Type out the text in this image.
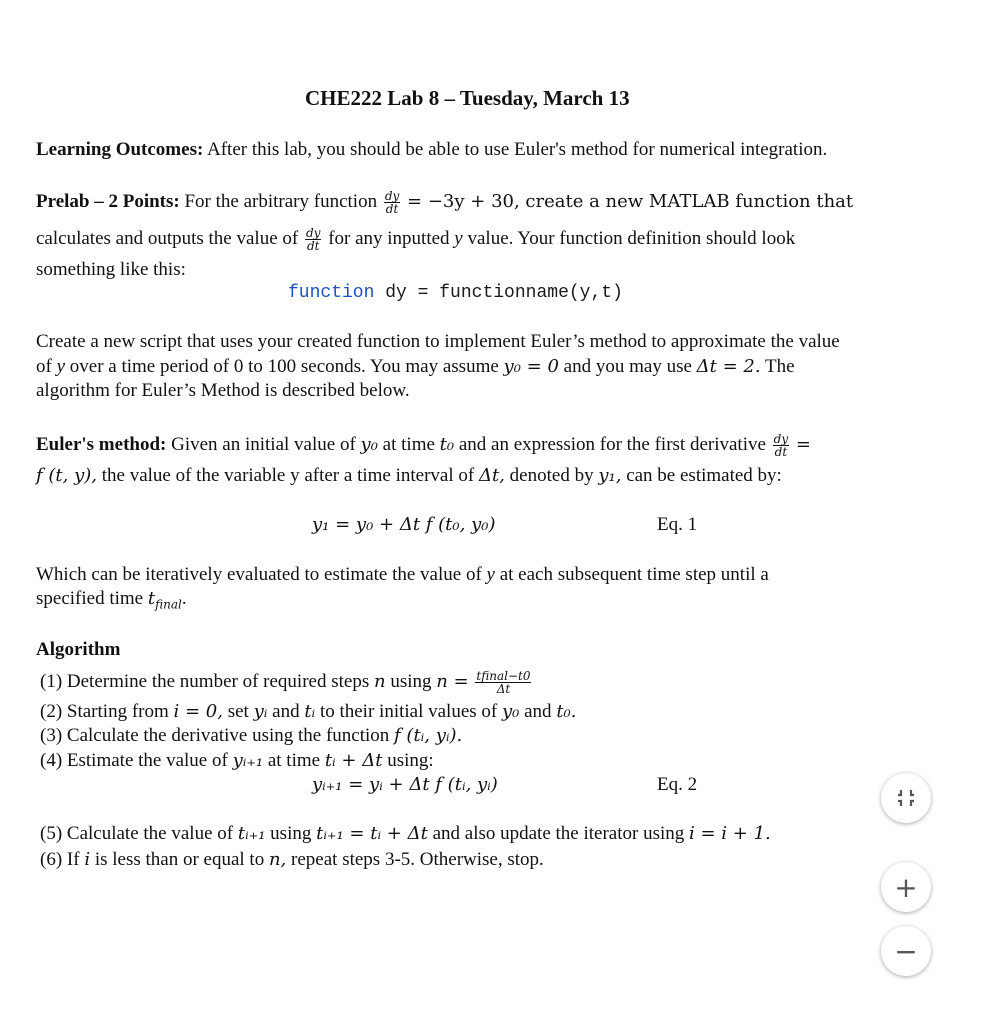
CHE222 Lab 8 – Tuesday, March 13
Learning Outcomes: After this lab, you should be able to use Euler's method for numerical integration.
Prelab – 2 Points: For the arbitrary function $\frac{dy}{dt} = -3y + 30$, create a new MATLAB function that
calculates and outputs the value of $\frac{dy}{dt}$ for any inputted y value. Your function definition should look
something like this:
function dy = functionname(y,t)
Create a new script that uses your created function to implement Euler’s method to approximate the value
of y over a time period of 0 to 100 seconds. You may assume y₀ = 0 and you may use Δt = 2. The
algorithm for Euler’s Method is described below.
Euler's method: Given an initial value of y₀ at time t₀ and an expression for the first derivative $\frac{dy}{dt}$ =
f (t, y), the value of the variable y after a time interval of Δt, denoted by y₁, can be estimated by:
y₁ = y₀ + Δt f (t₀, y₀)	Eq. 1
Which can be iteratively evaluated to estimate the value of y at each subsequent time step until a
specified time $t_{final}$.
Algorithm
(1) Determine the number of required steps n using $n = \frac{\text{tfinal−t0}}{\Delta t}$
(2) Starting from i = 0, set yᵢ and tᵢ to their initial values of y₀ and t₀.
(3) Calculate the derivative using the function f (tᵢ, yᵢ).
(4) Estimate the value of yᵢ₊₁ at time tᵢ + Δt using:
yᵢ₊₁ = yᵢ + Δt f (tᵢ, yᵢ)	Eq. 2
(5) Calculate the value of tᵢ₊₁ using tᵢ₊₁ = tᵢ + Δt and also update the iterator using i = i + 1.
(6) If i is less than or equal to n, repeat steps 3-5. Otherwise, stop.
+
−
